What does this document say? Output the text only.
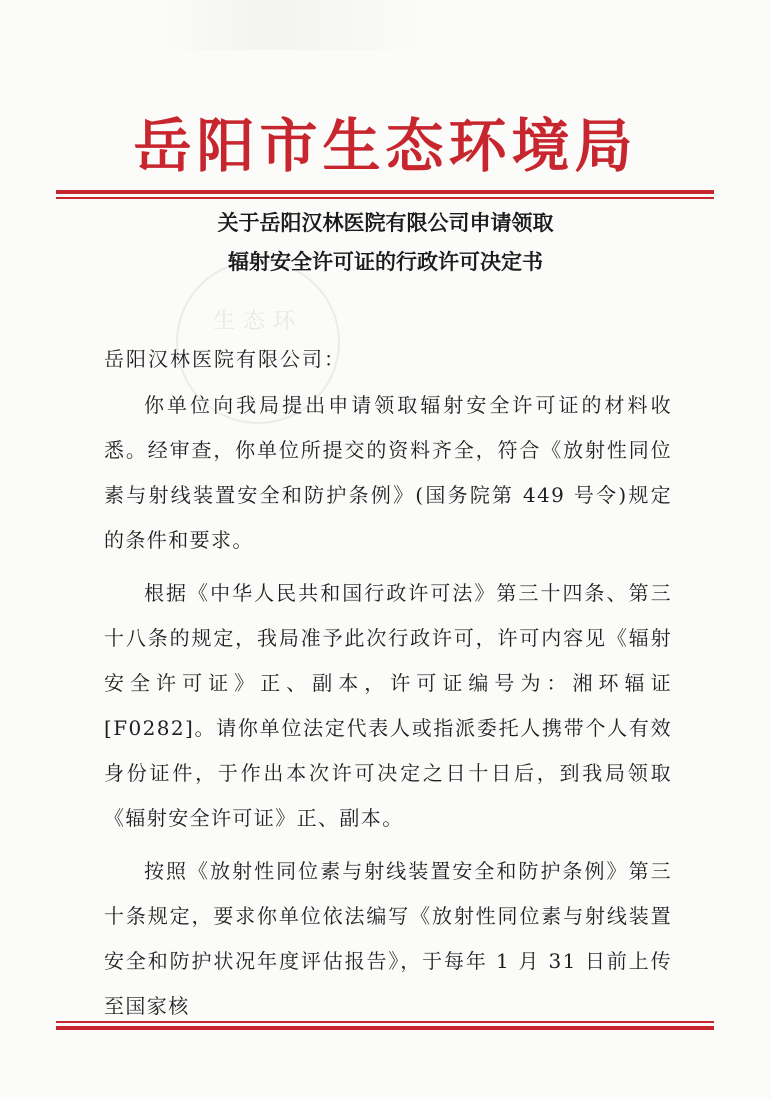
岳阳市生态环境局
生态环
关于岳阳汉林医院有限公司申请领取
辐射安全许可证的行政许可决定书
岳阳汉林医院有限公司：
你单位向我局提出申请领取辐射安全许可证的材料收悉。经审查，你单位所提交的资料齐全，符合《放射性同位素与射线装置安全和防护条例》(国务院第 449 号令)规定的条件和要求。
根据《中华人民共和国行政许可法》第三十四条、第三十八条的规定，我局准予此次行政许可，许可内容见《辐射安全许可证》正、副本，许可证编号为：湘环辐证[F0282]。请你单位法定代表人或指派委托人携带个人有效身份证件，于作出本次许可决定之日十日后，到我局领取《辐射安全许可证》正、副本。
按照《放射性同位素与射线装置安全和防护条例》第三十条规定，要求你单位依法编写《放射性同位素与射线装置安全和防护状况年度评估报告》，于每年 1 月 31 日前上传至国家核
